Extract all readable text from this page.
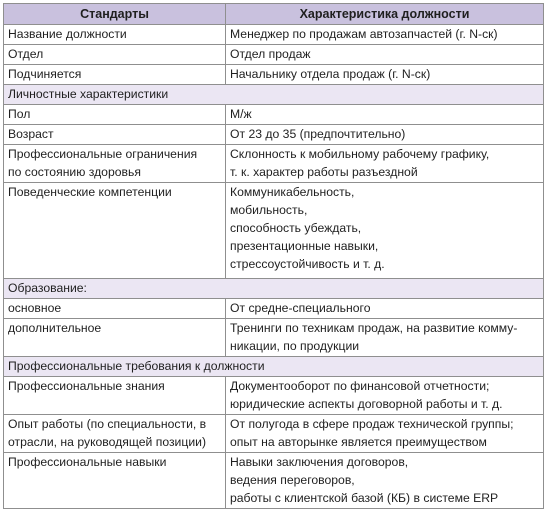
Стандарты	Характеристика должности

Название должности	Менеджер по продажам автозапчастей (г. N-ск)

Отдел	Отдел продаж

Подчиняется	Начальнику отдела продаж (г. N-ск)

Личностные характеристики	

Пол	М/ж

Возраст	От 23 до 35 (предпочтительно)

Профессиональные ограничения
по состоянию здоровья	Склонность к мобильному рабочему графику,
т. к. характер работы разъездной

Поведенческие компетенции	Коммуникабельность,
мобильность,
способность убеждать,
презентационные навыки,
стрессоустойчивость и т. д.

Образование:	

основное	От средне-специального

дополнительное	Тренинги по техникам продаж, на развитие комму-
никации, по продукции

Профессиональные требования к должности	

Профессиональные знания	Документооборот по финансовой отчетности;
юридические аспекты договорной работы и т. д.

Опыт работы (по специальности, в
отрасли, на руководящей позиции)	От полугода в сфере продаж технической группы;
опыт на авторынке является преимуществом

Профессиональные навыки	Навыки заключения договоров,
ведения переговоров,
работы с клиентской базой (КБ) в системе ERP
